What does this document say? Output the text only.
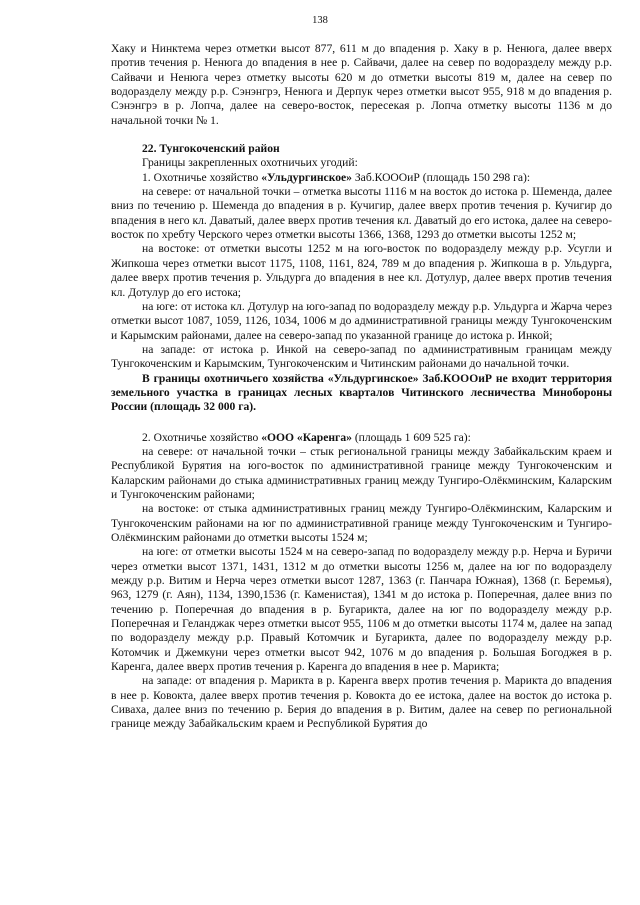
138

Хаку и Нинктема через отметки высот 877, 611 м до впадения р. Хаку в р. Ненюга, далее вверх против течения р. Ненюга до впадения в нее р. Сайвачи, далее на север по водоразделу между р.р. Сайвачи и Ненюга через отметку высоты 620 м до отметки высоты 819 м, далее на север по водоразделу между р.р. Сэнэнгрэ, Ненюга и Дерпук через отметки высот 955, 918 м до впадения р. Сэнэнгрэ в р. Лопча, далее на северо-восток, пересекая р. Лопча отметку высоты 1136 м до начальной точки № 1.

22. Тунгокоченский район

Границы закрепленных охотничьих угодий:

1. Охотничье хозяйство «Ульдургинское» Заб.КОООиР (площадь 150 298 га):

на севере: от начальной точки – отметка высоты 1116 м на восток до истока р. Шеменда, далее вниз по течению р. Шеменда до впадения в р. Кучигир, далее вверх против течения р. Кучигир до впадения в него кл. Даватый, далее вверх против течения кл. Даватый до его истока, далее на северо-восток по хребту Черского через отметки высоты 1366, 1368, 1293 до отметки высоты 1252 м;

на востоке: от отметки высоты 1252 м на юго-восток по водоразделу между р.р. Усугли и Жипкоша через отметки высот 1175, 1108, 1161, 824, 789 м до впадения р. Жипкоша в р. Ульдурга, далее вверх против течения р. Ульдурга до впадения в нее кл. Дотулур, далее вверх против течения кл. Дотулур до его истока;

на юге: от истока кл. Дотулур на юго-запад по водоразделу между р.р. Ульдурга и Жарча через отметки высот 1087, 1059, 1126, 1034, 1006 м до административной границы между Тунгокоченским и Карымским районами, далее на северо-запад по указанной границе до истока р. Инкой;

на западе: от истока р. Инкой на северо-запад по административным границам между Тунгокоченским и Карымским, Тунгокоченским и Читинским районами до начальной точки.

В границы охотничьего хозяйства «Ульдургинское» Заб.КОООиР не входит территория земельного участка в границах лесных кварталов Читинского лесничества Минобороны России (площадь 32 000 га).

2. Охотничье хозяйство «ООО «Каренга» (площадь 1 609 525 га):

на севере: от начальной точки – стык региональной границы между Забайкальским краем и Республикой Бурятия на юго-восток по административной границе между Тунгокоченским и Каларским районами до стыка административных границ между Тунгиро-Олёкминским, Каларским и Тунгокоченским районами;

на востоке: от стыка административных границ между Тунгиро-Олёкминским, Каларским и Тунгокоченским районами на юг по административной границе между Тунгокоченским и Тунгиро-Олёкминским районами до отметки высоты 1524 м;

на юге: от отметки высоты 1524 м на северо-запад по водоразделу между р.р. Нерча и Буричи через отметки высот 1371, 1431, 1312 м до отметки высоты 1256 м, далее на юг по водоразделу между р.р. Витим и Нерча через отметки высот 1287, 1363 (г. Панчара Южная), 1368 (г. Беремья), 963, 1279 (г. Аян), 1134, 1390,1536 (г. Каменистая), 1341 м до истока р. Поперечная, далее вниз по течению р. Поперечная до впадения в р. Бугарикта, далее на юг по водоразделу между р.р. Поперечная и Геланджак через отметки высот 955, 1106 м до отметки высоты 1174 м, далее на запад по водоразделу между р.р. Правый Котомчик и Бугарикта, далее по водоразделу между р.р. Котомчик и Джемкуни через отметки высот 942, 1076 м до впадения р. Большая Богоджея в р. Каренга, далее вверх против течения р. Каренга до впадения в нее р. Марикта;

на западе: от впадения р. Марикта в р. Каренга вверх против течения р. Марикта до впадения в нее р. Ковокта, далее вверх против течения р. Ковокта до ее истока, далее на восток до истока р. Сиваха, далее вниз по течению р. Берия до впадения в р. Витим, далее на север по региональной границе между Забайкальским краем и Республикой Бурятия до
